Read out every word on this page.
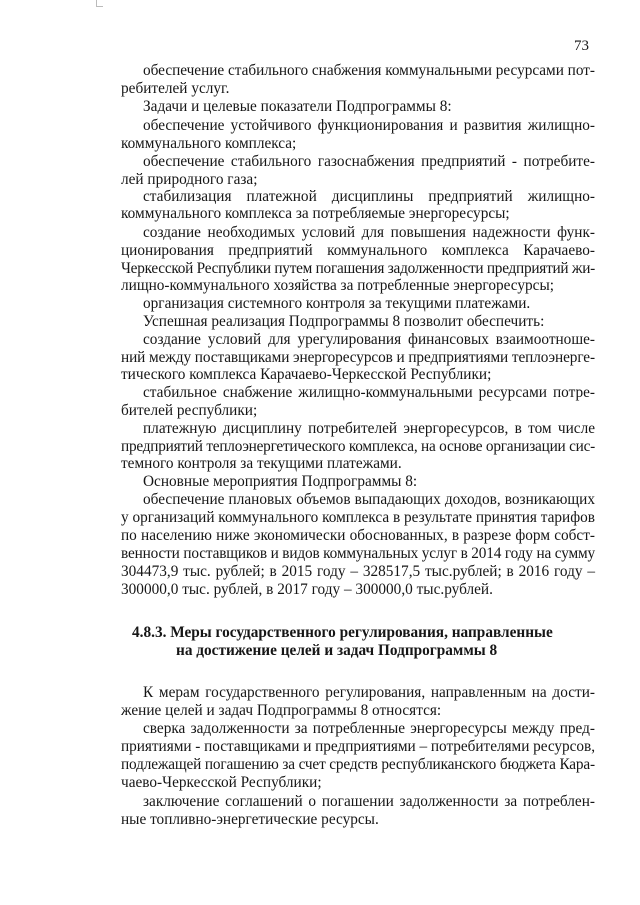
73
обеспечение стабильного снабжения коммунальными ресурсами пот-
ребителей услуг.
Задачи и целевые показатели Подпрограммы 8:
обеспечение устойчивого функционирования и развития жилищно-
коммунального комплекса;
обеспечение стабильного газоснабжения предприятий - потребите-
лей природного газа;
стабилизация платежной дисциплины предприятий жилищно-
коммунального комплекса за потребляемые энергоресурсы;
создание необходимых условий для повышения надежности функ-
ционирования предприятий коммунального комплекса Карачаево-
Черкесской Республики путем погашения задолженности предприятий жи-
лищно-коммунального хозяйства за потребленные энергоресурсы;
организация системного контроля за текущими платежами.
Успешная реализация Подпрограммы 8 позволит обеспечить:
создание условий для урегулирования финансовых взаимоотноше-
ний между поставщиками энергоресурсов и предприятиями теплоэнерге-
тического комплекса Карачаево-Черкесской Республики;
стабильное снабжение жилищно-коммунальными ресурсами потре-
бителей республики;
платежную дисциплину потребителей энергоресурсов, в том числе
предприятий теплоэнергетического комплекса, на основе организации сис-
темного контроля за текущими платежами.
Основные мероприятия Подпрограммы 8:
обеспечение плановых объемов выпадающих доходов, возникающих
у организаций коммунального комплекса в результате принятия тарифов
по населению ниже экономически обоснованных, в разрезе форм собст-
венности поставщиков и видов коммунальных услуг в 2014 году на сумму
304473,9 тыс. рублей; в 2015 году – 328517,5 тыс.рублей; в 2016 году –
300000,0 тыс. рублей, в 2017 году – 300000,0 тыс.рублей.
4.8.3. Меры государственного регулирования, направленные
на достижение целей и задач Подпрограммы 8
К мерам государственного регулирования, направленным на дости-
жение целей и задач Подпрограммы 8 относятся:
сверка задолженности за потребленные энергоресурсы между пред-
приятиями - поставщиками и предприятиями – потребителями ресурсов,
подлежащей погашению за счет средств республиканского бюджета Кара-
чаево-Черкесской Республики;
заключение соглашений о погашении задолженности за потреблен-
ные топливно-энергетические ресурсы.
